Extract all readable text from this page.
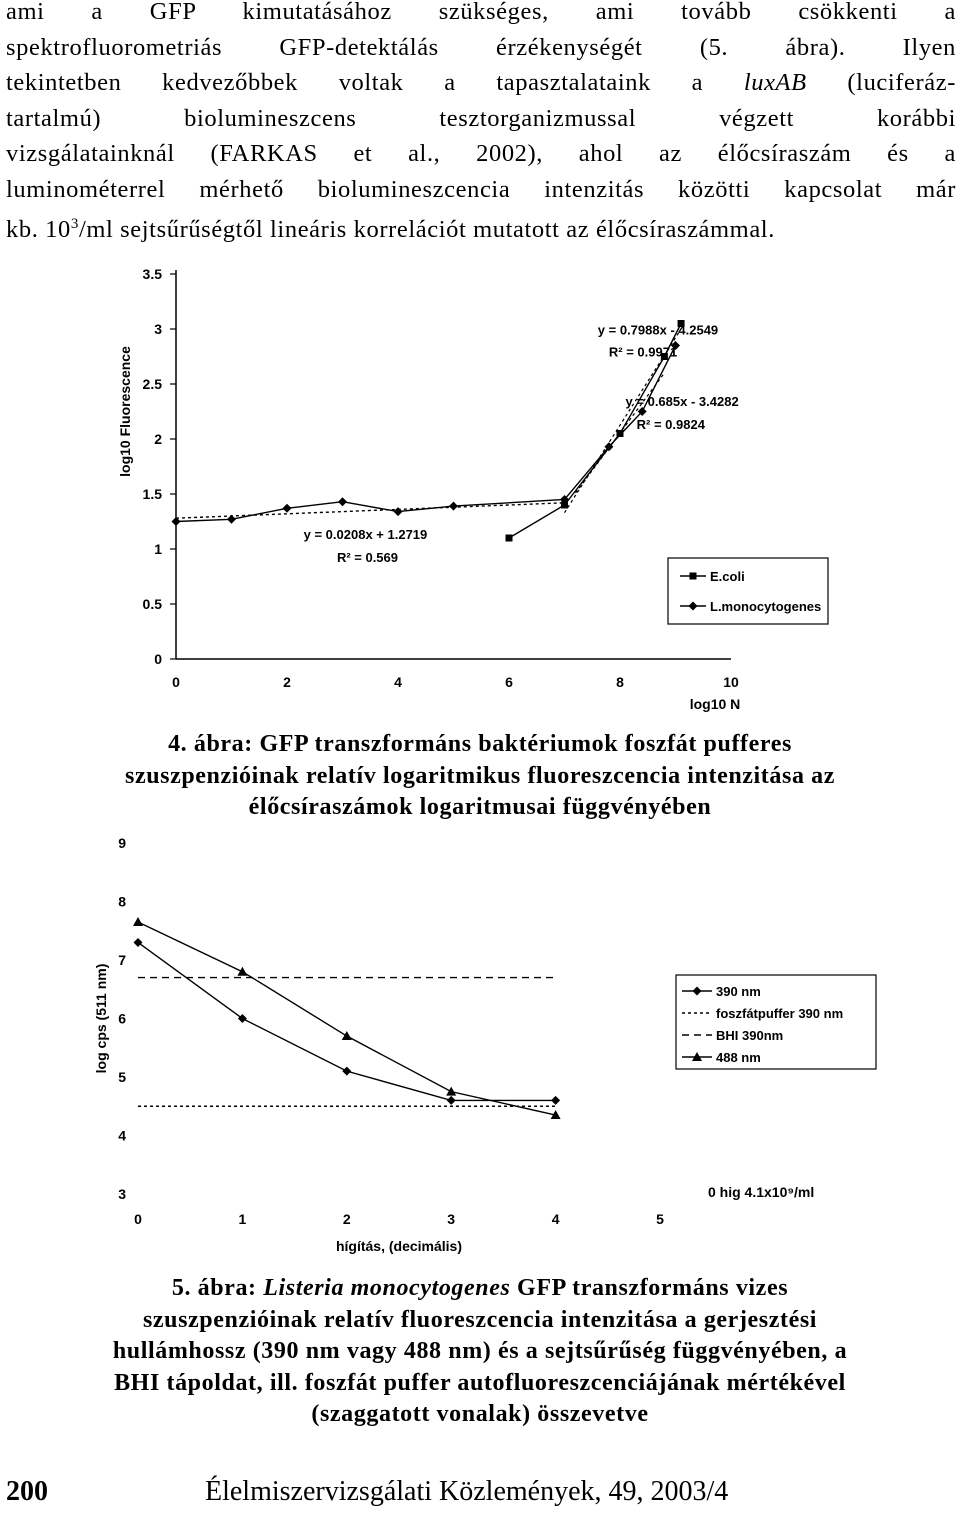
ami a GFP kimutatásához szükséges, ami tovább csökkenti a
spektrofluorometriás GFP-detektálás érzékenységét (5. ábra). Ilyen
tekintetben kedvezőbbek voltak a tapasztalataink a luxAB (luciferáz-
tartalmú) biolumineszcens tesztorganizmussal végzett korábbi
vizsgálatainknál (FARKAS et al., 2002), ahol az élőcsíraszám és a
luminométerrel mérhető biolumineszcencia intenzitás közötti kapcsolat már
kb. $10^3/ml$ sejtsűrűségtől lineáris korrelációt mutatott az élőcsíraszámmal.
0
0.5
1
1.5
2
2.5
3
3.5
0	2	4	6	8	10
log10 N
log10 Fluorescence
y = 0.7988x - 4.2549
R² = 0.9971
y = 0.685x - 3.4282
R² = 0.9824
y = 0.0208x + 1.2719
R² = 0.569
E.coli
L.monocytogenes
4. ábra: GFP transzformáns baktériumok foszfát pufferes
szuszpenzióinak relatív logaritmikus fluoreszcencia intenzitása az
élőcsíraszámok logaritmusai függvényében
3
4
5
6
7
8
9
0	1	2	3	4	5
hígítás, (decimális)
log cps (511 nm)
0 hig 4.1x10⁹/ml
390 nm
foszfátpuffer 390 nm
BHI 390nm
488 nm
5. ábra: Listeria monocytogenes GFP transzformáns vizes
szuszpenzióinak relatív fluoreszcencia intenzitása a gerjesztési
hullámhossz (390 nm vagy 488 nm) és a sejtsűrűség függvényében, a
BHI tápoldat, ill. foszfát puffer autofluoreszcenciájának mértékével
(szaggatott vonalak) összevetve
200	Élelmiszervizsgálati Közlemények, 49, 2003/4
